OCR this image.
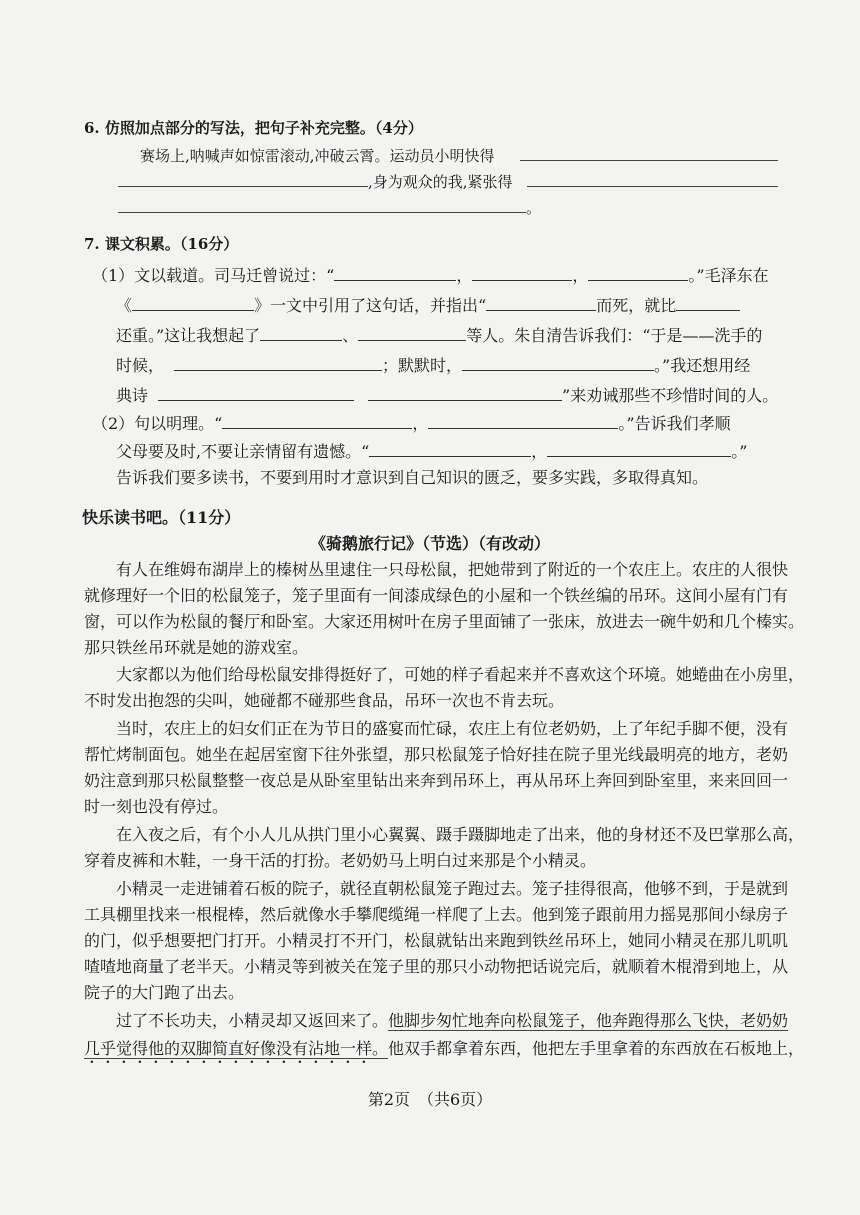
6. 仿照加点部分的写法，把句子补充完整。（4分）
赛场上,呐喊声如惊雷滚动,冲破云霄。运动员小明快得
,身为观众的我,紧张得
。
7. 课文积累。（16分）
（1）文以载道。司马迁曾说过：“	，	，	。”毛泽东在
《	》一文中引用了这句话，并指出“	而死，就比
还重。”这让我想起了	、	等人。朱自清告诉我们：“于是——洗手的
时候，	；默默时，	。”我还想用经
典诗	”来劝诫那些不珍惜时间的人。
（2）句以明理。“	，	。”告诉我们孝顺
父母要及时,不要让亲情留有遗憾。“	，	。”
告诉我们要多读书，不要到用时才意识到自己知识的匮乏，要多实践，多取得真知。
快乐读书吧。（11分）
《骑鹅旅行记》（节选）（有改动）
　　有人在维姆布湖岸上的榛树丛里逮住一只母松鼠，把她带到了附近的一个农庄上。农庄的人很快
就修理好一个旧的松鼠笼子，笼子里面有一间漆成绿色的小屋和一个铁丝编的吊环。这间小屋有门有
窗，可以作为松鼠的餐厅和卧室。大家还用树叶在房子里面铺了一张床，放进去一碗牛奶和几个榛实。
那只铁丝吊环就是她的游戏室。
　　大家都以为他们给母松鼠安排得挺好了，可她的样子看起来并不喜欢这个环境。她蜷曲在小房里，
不时发出抱怨的尖叫，她碰都不碰那些食品，吊环一次也不肯去玩。
　　当时，农庄上的妇女们正在为节日的盛宴而忙碌，农庄上有位老奶奶，上了年纪手脚不便，没有
帮忙烤制面包。她坐在起居室窗下往外张望，那只松鼠笼子恰好挂在院子里光线最明亮的地方，老奶
奶注意到那只松鼠整整一夜总是从卧室里钻出来奔到吊环上，再从吊环上奔回到卧室里，来来回回一
时一刻也没有停过。
　　在入夜之后，有个小人儿从拱门里小心翼翼、蹑手蹑脚地走了出来，他的身材还不及巴掌那么高，
穿着皮裤和木鞋，一身干活的打扮。老奶奶马上明白过来那是个小精灵。
　　小精灵一走进铺着石板的院子，就径直朝松鼠笼子跑过去。笼子挂得很高，他够不到，于是就到
工具棚里找来一根棍棒，然后就像水手攀爬缆绳一样爬了上去。他到笼子跟前用力摇晃那间小绿房子
的门，似乎想要把门打开。小精灵打不开门，松鼠就钻出来跑到铁丝吊环上，她同小精灵在那儿叽叽
喳喳地商量了老半天。小精灵等到被关在笼子里的那只小动物把话说完后，就顺着木棍滑到地上，从
院子的大门跑了出去。
　　过了不长功夫，小精灵却又返回来了。他脚步匆忙地奔向松鼠笼子，他奔跑得那么飞快，老奶奶
几乎觉得他的双脚简直好像没有沾地一样。他双手都拿着东西，他把左手里拿着的东西放在石板地上，
第2页　（共6页）
